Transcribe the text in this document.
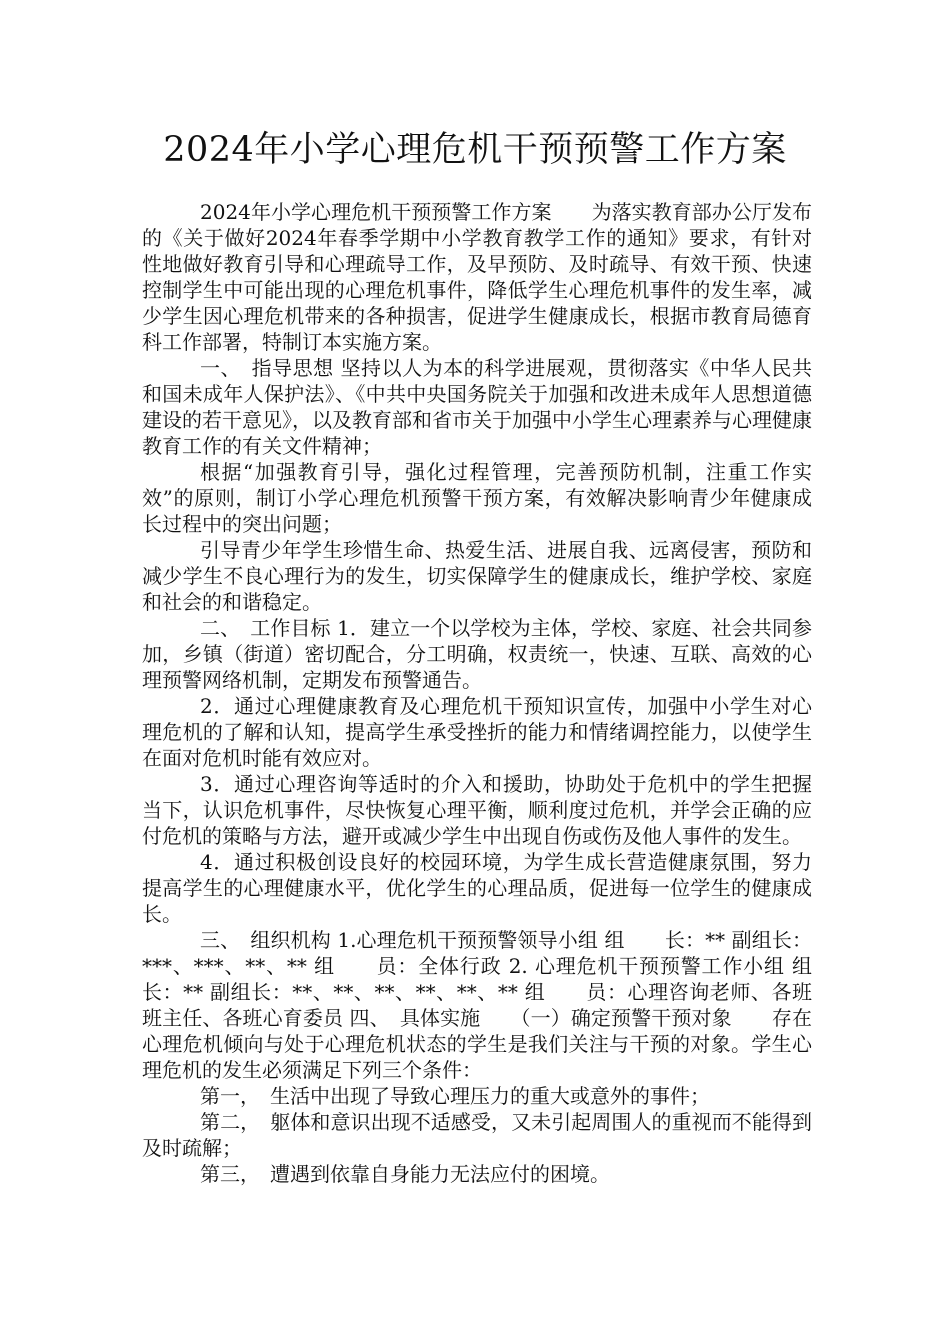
2024年小学心理危机干预预警工作方案

2024年小学心理危机干预预警工作方案　　为落实教育部办公厅发布的《关于做好2024年春季学期中小学教育教学工作的通知》要求，有针对性地做好教育引导和心理疏导工作，及早预防、及时疏导、有效干预、快速控制学生中可能出现的心理危机事件，降低学生心理危机事件的发生率，减少学生因心理危机带来的各种损害，促进学生健康成长，根据市教育局德育科工作部署，特制订本实施方案。

一、　指导思想 坚持以人为本的科学进展观，贯彻落实《中华人民共和国未成年人保护法》、《中共中央国务院关于加强和改进未成年人思想道德建设的若干意见》，以及教育部和省市关于加强中小学生心理素养与心理健康教育工作的有关文件精神；

根据“加强教育引导，强化过程管理，完善预防机制，注重工作实效”的原则，制订小学心理危机预警干预方案，有效解决影响青少年健康成长过程中的突出问题；

引导青少年学生珍惜生命、热爱生活、进展自我、远离侵害，预防和减少学生不良心理行为的发生，切实保障学生的健康成长，维护学校、家庭和社会的和谐稳定。

二、　工作目标 1．建立一个以学校为主体，学校、家庭、社会共同参加，乡镇（街道）密切配合，分工明确，权责统一，快速、互联、高效的心理预警网络机制，定期发布预警通告。

2．通过心理健康教育及心理危机干预知识宣传，加强中小学生对心理危机的了解和认知，提高学生承受挫折的能力和情绪调控能力，以使学生在面对危机时能有效应对。

3．通过心理咨询等适时的介入和援助，协助处于危机中的学生把握当下，认识危机事件，尽快恢复心理平衡，顺利度过危机，并学会正确的应付危机的策略与方法，避开或减少学生中出现自伤或伤及他人事件的发生。

4．通过积极创设良好的校园环境，为学生成长营造健康氛围，努力提高学生的心理健康水平，优化学生的心理品质，促进每一位学生的健康成长。

三、　组织机构 1.心理危机干预预警领导小组 组　　长：** 副组长：***、***、**、** 组　　员：全体行政 2. 心理危机干预预警工作小组 组　　长：** 副组长：**、**、**、**、**、** 组　　员：心理咨询老师、各班班主任、各班心育委员 四、　具体实施　　（一）确定预警干预对象　　存在心理危机倾向与处于心理危机状态的学生是我们关注与干预的对象。学生心理危机的发生必须满足下列三个条件：

第一，　生活中出现了导致心理压力的重大或意外的事件；

第二，　躯体和意识出现不适感受，又未引起周围人的重视而不能得到及时疏解；

第三，　遭遇到依靠自身能力无法应付的困境。
